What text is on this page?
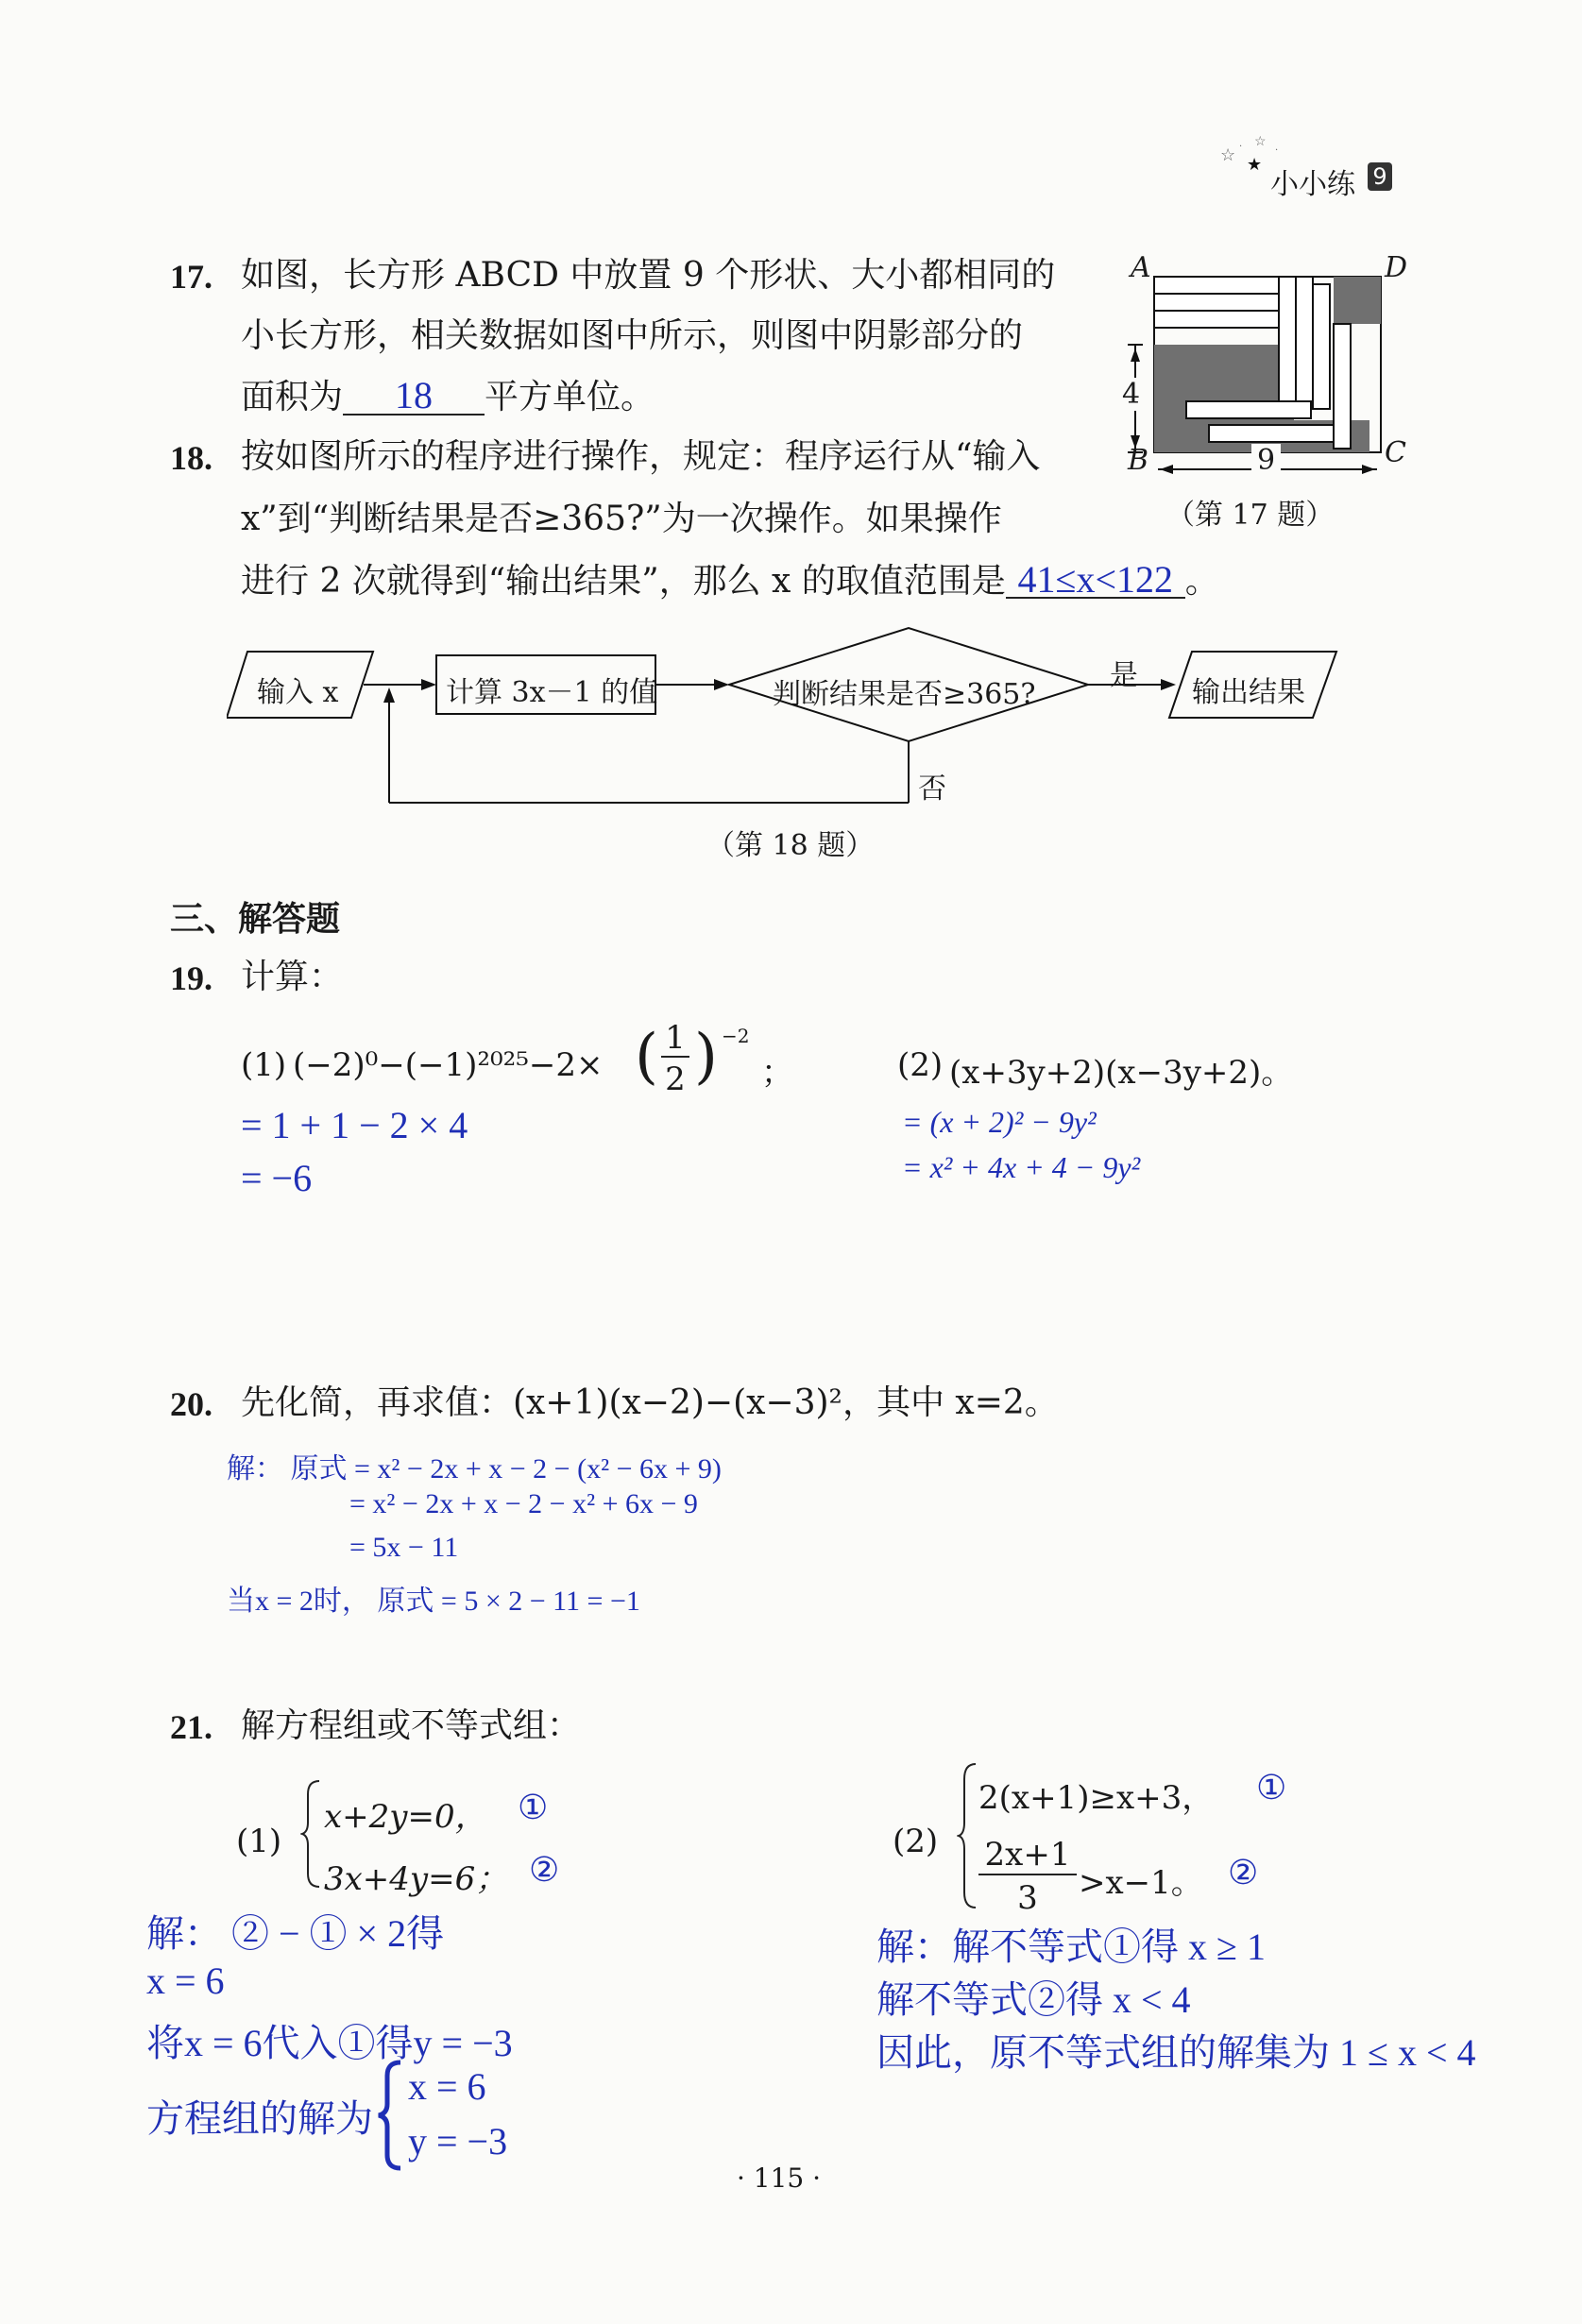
☆ · ☆
★
·
小小练 9
17. 如图，长方形 ABCD 中放置 9 个形状、大小都相同的
小长方形，相关数据如图中所示，则图中阴影部分的
面积为 18 平方单位。
A	D
B	C
4
9
（第 17 题）
18. 按如图所示的程序进行操作，规定：程序运行从“输入
x”到“判断结果是否≥365?”为一次操作。如果操作
进行 2 次就得到“输出结果”，那么 x 的取值范围是 41≤x<122 。
输入 x	计算 3x－1 的值	判断结果是否≥365?
是
输出结果
否
（第 18 题）
三、解答题
19. 计算：
(1) (−2)⁰−(−1)²⁰²⁵−2× ( 1
2 ) −2
；
= 1 + 1 − 2 × 4
= −6
(2) (x+3y+2)(x−3y+2)。
= (x + 2)² − 9y²
= x² + 4x + 4 − 9y²
20. 先化简，再求值：(x+1)(x−2)−(x−3)²，其中 x=2。
解： 原式 = x² − 2x + x − 2 − (x² − 6x + 9)
= x² − 2x + x − 2 − x² + 6x − 9
= 5x − 11
当x = 2时， 原式 = 5 × 2 − 11 = −1
21. 解方程组或不等式组：
(1)
x+2y=0， ①
3x+4y=6； ②
解： ② − ① × 2得
x = 6
将x = 6代入①得y = −3
方程组的解为
x = 6
y = −3
(2)
2(x+1)≥x+3， ①
2x+1
3	>x−1。 ②
解：解不等式①得 x ≥ 1
解不等式②得 x < 4
因此，原不等式组的解集为 1 ≤ x < 4
· 115 ·
